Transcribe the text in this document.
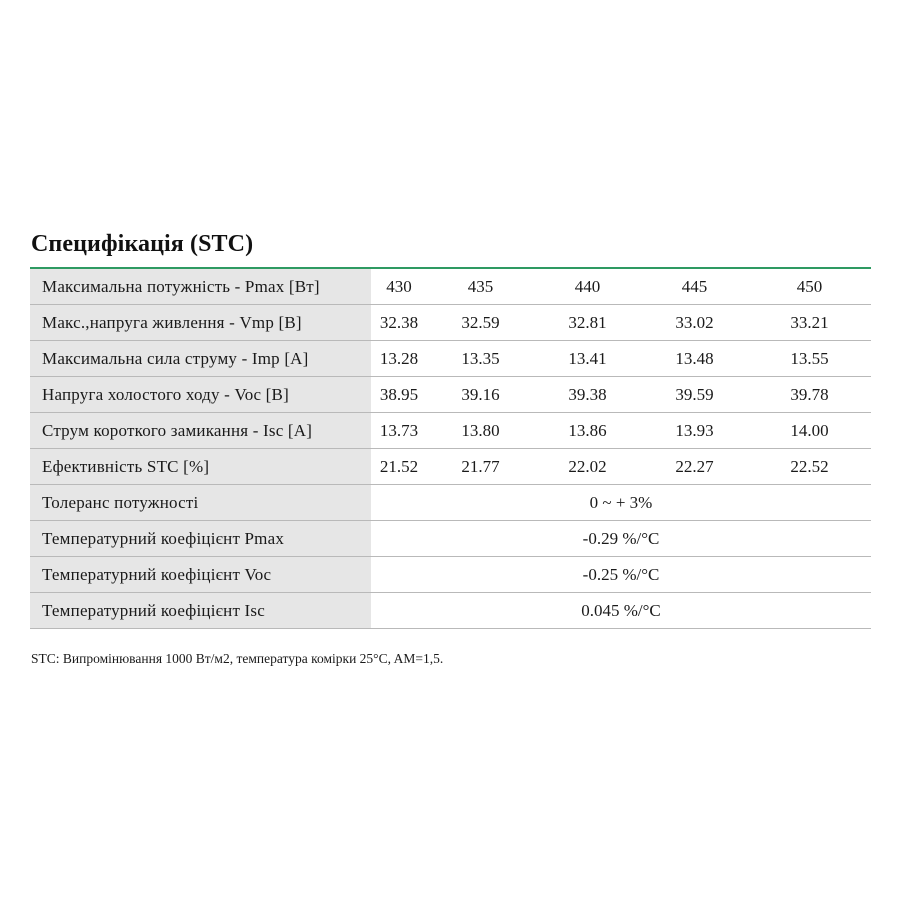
Специфікація (STC)
Максимальна потужність - Pmax [Вт]	430	435	440	445	450
Макс.,напруга живлення - Vmp [В]	32.38	32.59	32.81	33.02	33.21
Максимальна сила струму - Imp [A]	13.28	13.35	13.41	13.48	13.55
Напруга холостого ходу - Voc [В]	38.95	39.16	39.38	39.59	39.78
Струм короткого замикання - Isc [A]	13.73	13.80	13.86	13.93	14.00
Ефективність STC [%]	21.52	21.77	22.02	22.27	22.52
Толеранс потужності	0 ~ + 3%				
Температурний коефіцієнт Pmax	-0.29 %/°C				
Температурний коефіцієнт Voc	-0.25 %/°C				
Температурний коефіцієнт Isc	0.045 %/°C				
STC: Випромінювання 1000 Вт/м2, температура комірки 25°C, AM=1,5.
